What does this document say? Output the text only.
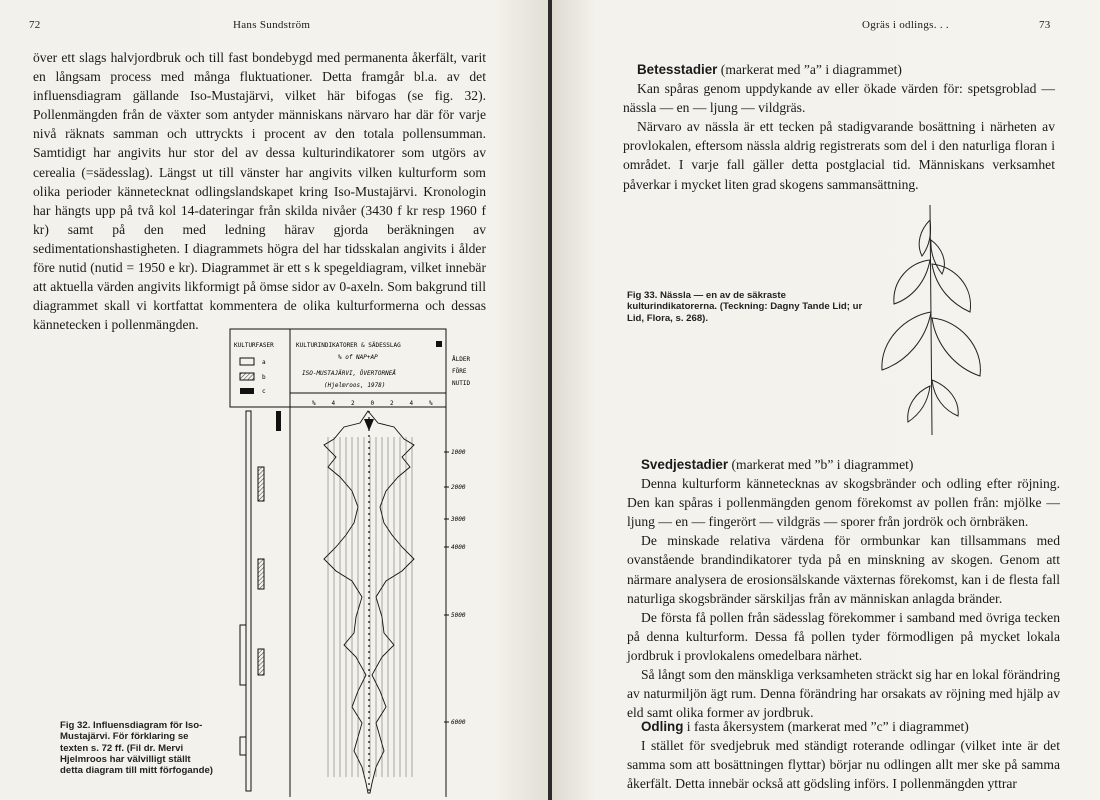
72	Hans Sundström

över ett slags halvjordbruk och till fast bondebygd med permanenta åkerfält, varit en långsam process med många fluktuationer. Detta framgår bl.a. av det influensdiagram gällande Iso-Mustajärvi, vilket här bifogas (se fig. 32). Pollenmängden från de växter som antyder människans närvaro har där för varje nivå räknats samman och uttryckts i procent av den totala pollensumman. Samtidigt har angivits hur stor del av dessa kulturindikatorer som utgörs av cerealia (=sädesslag). Längst ut till vänster har angivits vilken kulturform som olika perioder kännetecknat odlingslandskapet kring Iso-Mustajärvi. Kronologin har hängts upp på två kol 14-dateringar från skilda nivåer (3430 f kr resp 1960 f kr) samt på den med ledning härav gjorda beräkningen av sedimentationshastigheten. I diagrammets högra del har tidsskalan angivits i ålder före nutid (nutid = 1950 e kr). Diagrammet är ett s k spegeldiagram, vilket innebär att aktuella värden angivits likformigt på ömse sidor av 0-axeln. Som bakgrund till diagrammet skall vi kortfattat kommentera de olika kulturformerna och dessas kännetecken i pollenmängden.

KULTURFASER
a
b
c
KULTURINDIKATORER & SÄDESSLAG
% of NAP+AP
ISO-MUSTAJÄRVI, ÖVERTORNEÅ
(Hjelmroos, 1978)
ÅLDER
FÖRE
NUTID
%	4	2	0	2	4	%
1000
2000
3000
4000
5000
6000
Fig 32. Influensdiagram för Iso-Mustajärvi. För förklaring se texten s. 72 ff. (Fil dr. Mervi Hjelmroos har välvilligt ställt detta diagram till mitt förfogande)
Ogräs i odlings. . .	73

Betesstadier (markerat med ”a” i diagrammet)

Kan spåras genom uppdykande av eller ökade värden för: spetsgroblad — nässla — en — ljung — vildgräs.

Närvaro av nässla är ett tecken på stadigvarande bosättning i närheten av provlokalen, eftersom nässla aldrig registrerats som del i den naturliga floran i området. I varje fall gäller detta postglacial tid. Människans verksamhet påverkar i mycket liten grad skogens sammansättning.

Fig 33. Nässla — en av de säkraste kulturindikatorerna. (Teckning: Dagny Tande Lid; ur Lid, Flora, s. 268).

Svedjestadier (markerat med ”b” i diagrammet)

Denna kulturform kännetecknas av skogsbränder och odling efter röjning. Den kan spåras i pollenmängden genom förekomst av pollen från: mjölke — ljung — en — fingerört — vildgräs — sporer från jordrök och örnbräken.

De minskade relativa värdena för ormbunkar kan tillsammans med ovanstående brandindikatorer tyda på en minskning av skogen. Genom att närmare analysera de erosionsälskande växternas förekomst, kan i de flesta fall naturliga skogsbränder särskiljas från av människan anlagda bränder.

De första få pollen från sädesslag förekommer i samband med övriga tecken på denna kulturform. Dessa få pollen tyder förmodligen på mycket lokala jordbruk i provlokalens omedelbara närhet.

Så långt som den mänskliga verksamheten sträckt sig har en lokal förändring av naturmiljön ägt rum. Denna förändring har orsakats av röjning med hjälp av eld samt olika former av jordbruk.

Odling i fasta åkersystem (markerat med ”c” i diagrammet)

I stället för svedjebruk med ständigt roterande odlingar (vilket inte är det samma som att bosättningen flyttar) börjar nu odlingen allt mer ske på samma åkerfält. Detta innebär också att gödsling införs. I pollenmängden yttrar
